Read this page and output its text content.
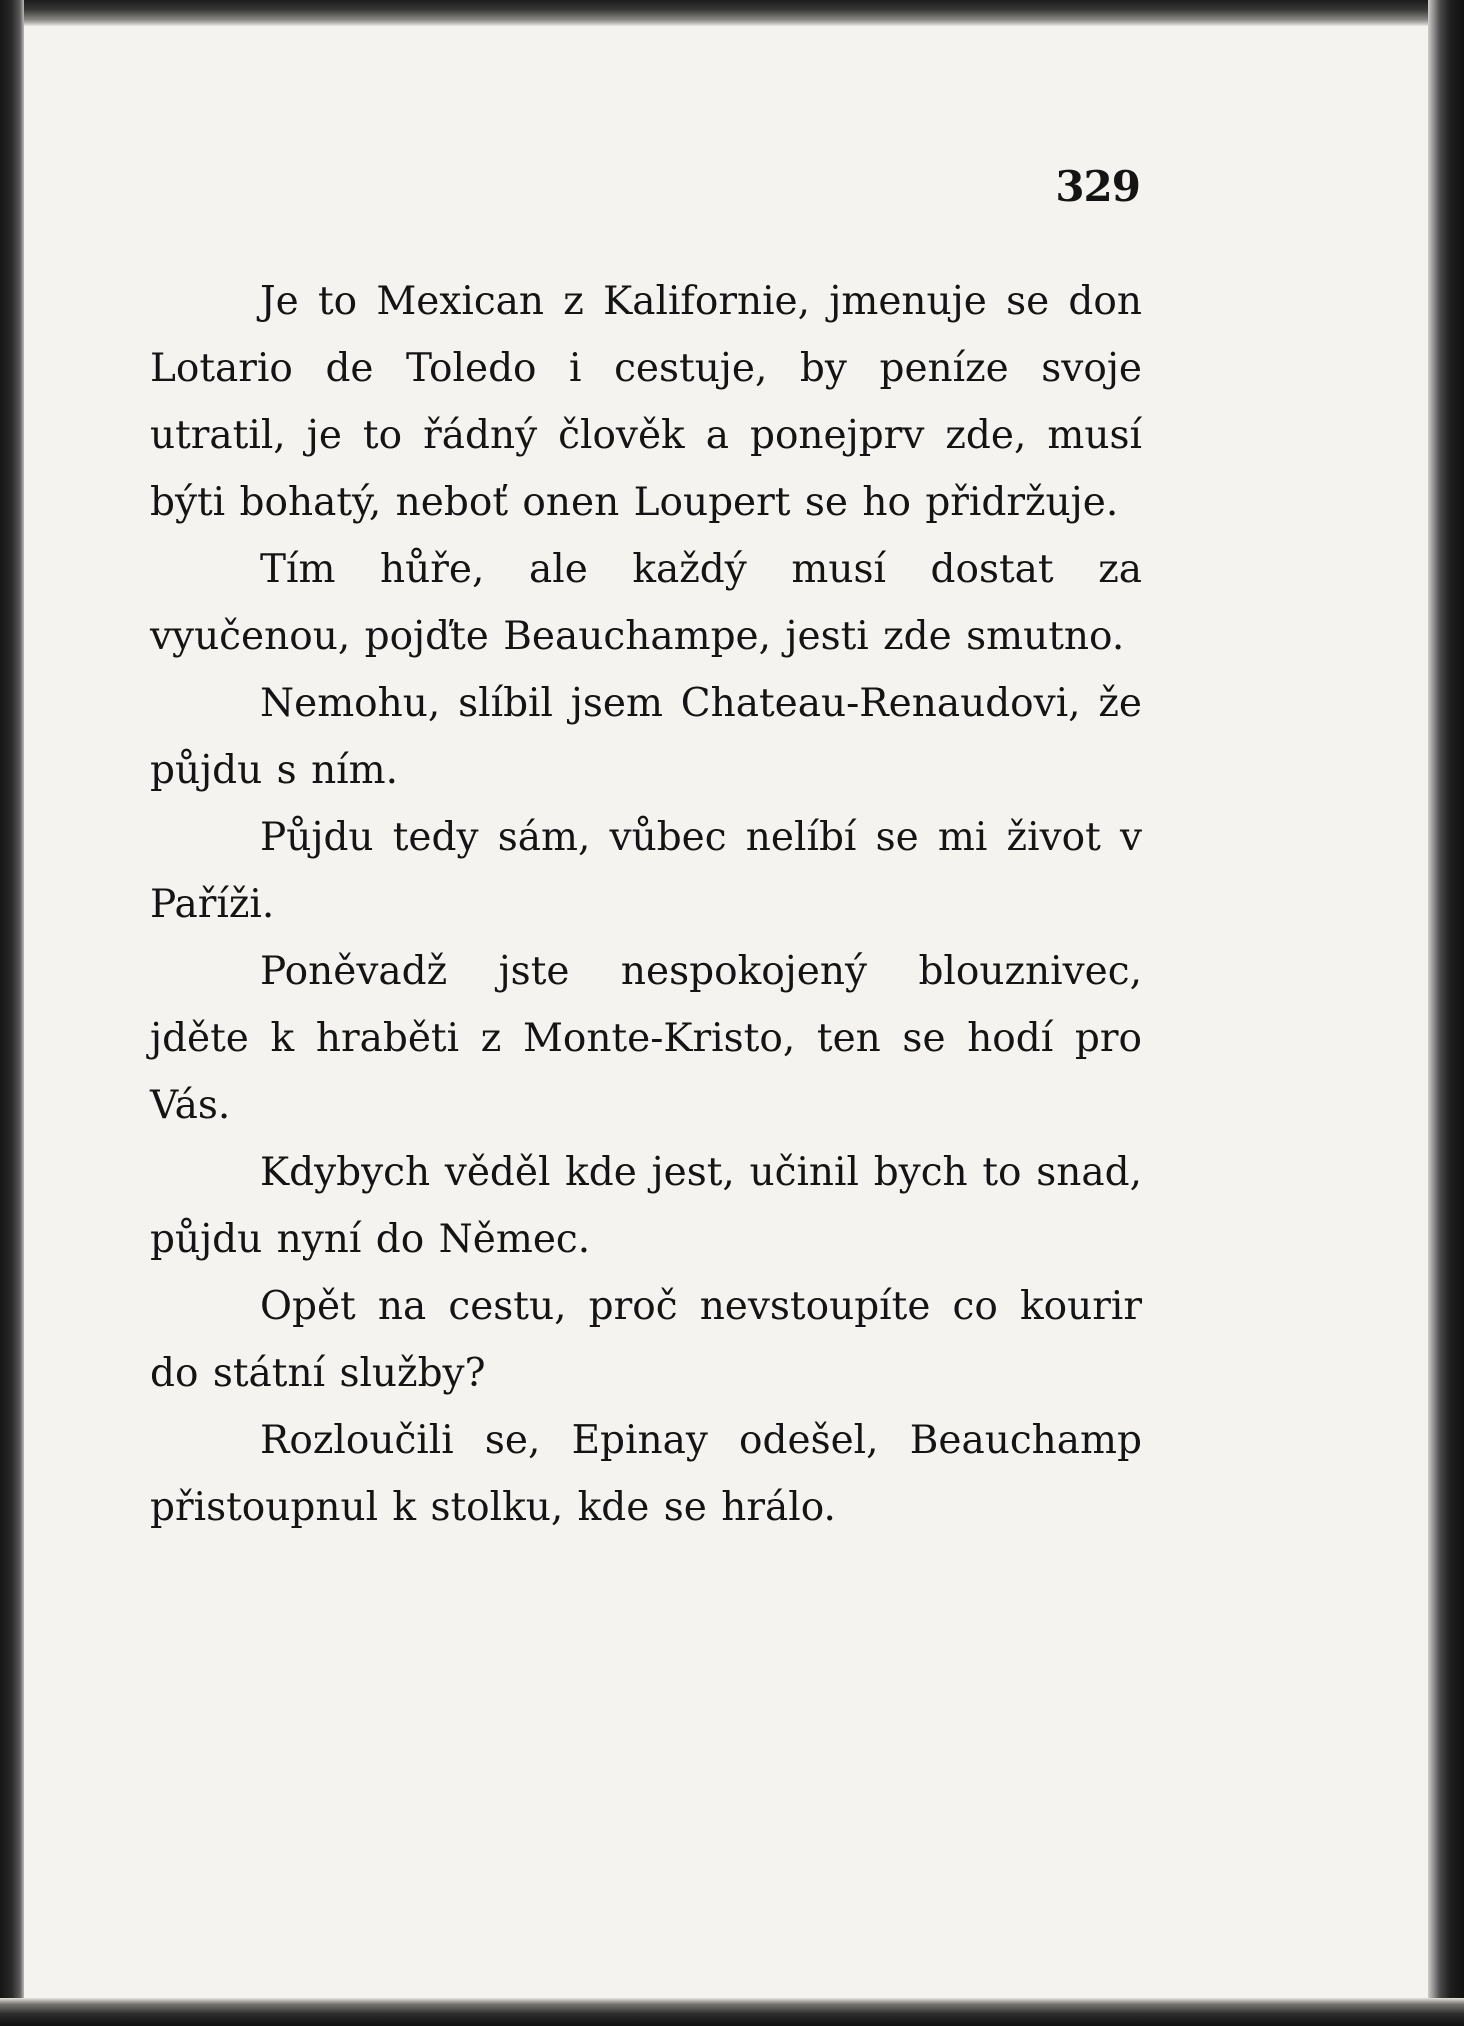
329

Je to Mexican z Kalifornie, jmenuje se don Lotario de Toledo i cestuje, by peníze svoje utratil, je to řádný člověk a ponejprv zde, musí býti bohatý, neboť onen Loupert se ho přidržuje.

Tím hůře, ale každý musí dostat za vyučenou, pojďte Beauchampe, jesti zde smutno.

Nemohu, slíbil jsem Chateau-Renaudovi, že půjdu s ním.

Půjdu tedy sám, vůbec nelíbí se mi život v Paříži.

Poněvadž jste nespokojený blouznivec, jděte k hraběti z Monte-Kristo, ten se hodí pro Vás.

Kdybych věděl kde jest, učinil bych to snad, půjdu nyní do Němec.

Opět na cestu, proč nevstoupíte co kourir do státní služby?

Rozloučili se, Epinay odešel, Beauchamp přistoupnul k stolku, kde se hrálo.
